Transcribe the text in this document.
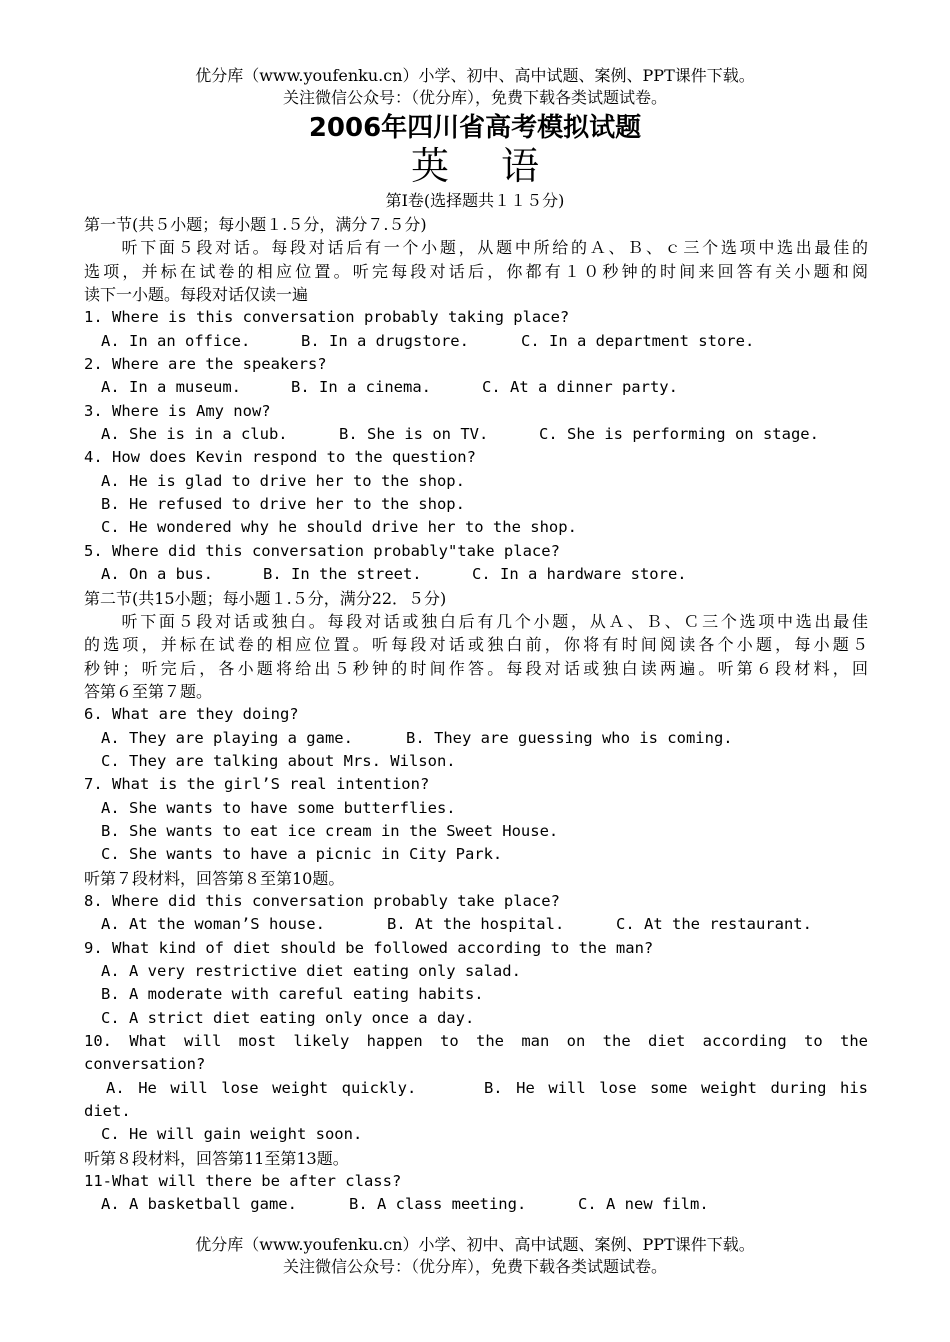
优分库（www.youfenku.cn）小学、初中、高中试题、案例、PPT课件下载。
关注微信公众号：（优分库），免费下载各类试题试卷。
2006年四川省高考模拟试题
英语
第Ⅰ卷(选择题共１１５分)
第一节(共５小题；每小题１.５分，满分７.５分)
　　听下面５段对话。每段对话后有一个小题，从题中所给的Ａ、Ｂ、ｃ三个选项中选出最佳的
选项，并标在试卷的相应位置。听完每段对话后，你都有１０秒钟的时间来回答有关小题和阅
读下一小题。每段对话仅读一遍
1. Where is this conversation probably taking place?
A. In an office.	B. In a drugstore.	C. In a department store.
2. Where are the speakers?
A. In a museum.	B. In a cinema.	C. At a dinner party.
3. Where is Amy now?
A. She is in a club.	B. She is on TV.	C. She is performing on stage.
4. How does Kevin respond to the question?
A. He is glad to drive her to the shop.
B. He refused to drive her to the shop.
C. He wondered why he should drive her to the shop.
5. Where did this conversation probably"take place?
A. On a bus.	B. In the street.	C. In a hardware store.
第二节(共15小题；每小题１.５分，满分22．５分)
　　听下面５段对话或独白。每段对话或独白后有几个小题，从Ａ、Ｂ、Ｃ三个选项中选出最佳
的选项，并标在试卷的相应位置。听每段对话或独白前，你将有时间阅读各个小题，每小题５
秒钟；听完后，各小题将给出５秒钟的时间作答。每段对话或独白读两遍。听第６段材料，回
答第６至第７题。
6. What are they doing?
A. They are playing a game.	B. They are guessing who is coming.
C. They are talking about Mrs. Wilson.
7. What is the girl’S real intention?
A. She wants to have some butterflies.
B. She wants to eat ice cream in the Sweet House.
C. She wants to have a picnic in City Park.
听第７段材料，回答第８至第10题。
8. Where did this conversation probably take place?
A. At the woman’S house.	B. At the hospital.	C. At the restaurant.
9. What kind of diet should be followed according to the man?
A. A very restrictive diet eating only salad.
B. A moderate with careful eating habits.
C. A strict diet eating only once a day.
10. What will most likely happen to the man on the diet according to the
conversation?
A. He will lose weight quickly.     B. He will lose some weight during his
diet.
C. He will gain weight soon.
听第８段材料，回答第11至第13题。
11-What will there be after class?
A. A basketball game.	B. A class meeting.	C. A new film.
优分库（www.youfenku.cn）小学、初中、高中试题、案例、PPT课件下载。
关注微信公众号：（优分库），免费下载各类试题试卷。
